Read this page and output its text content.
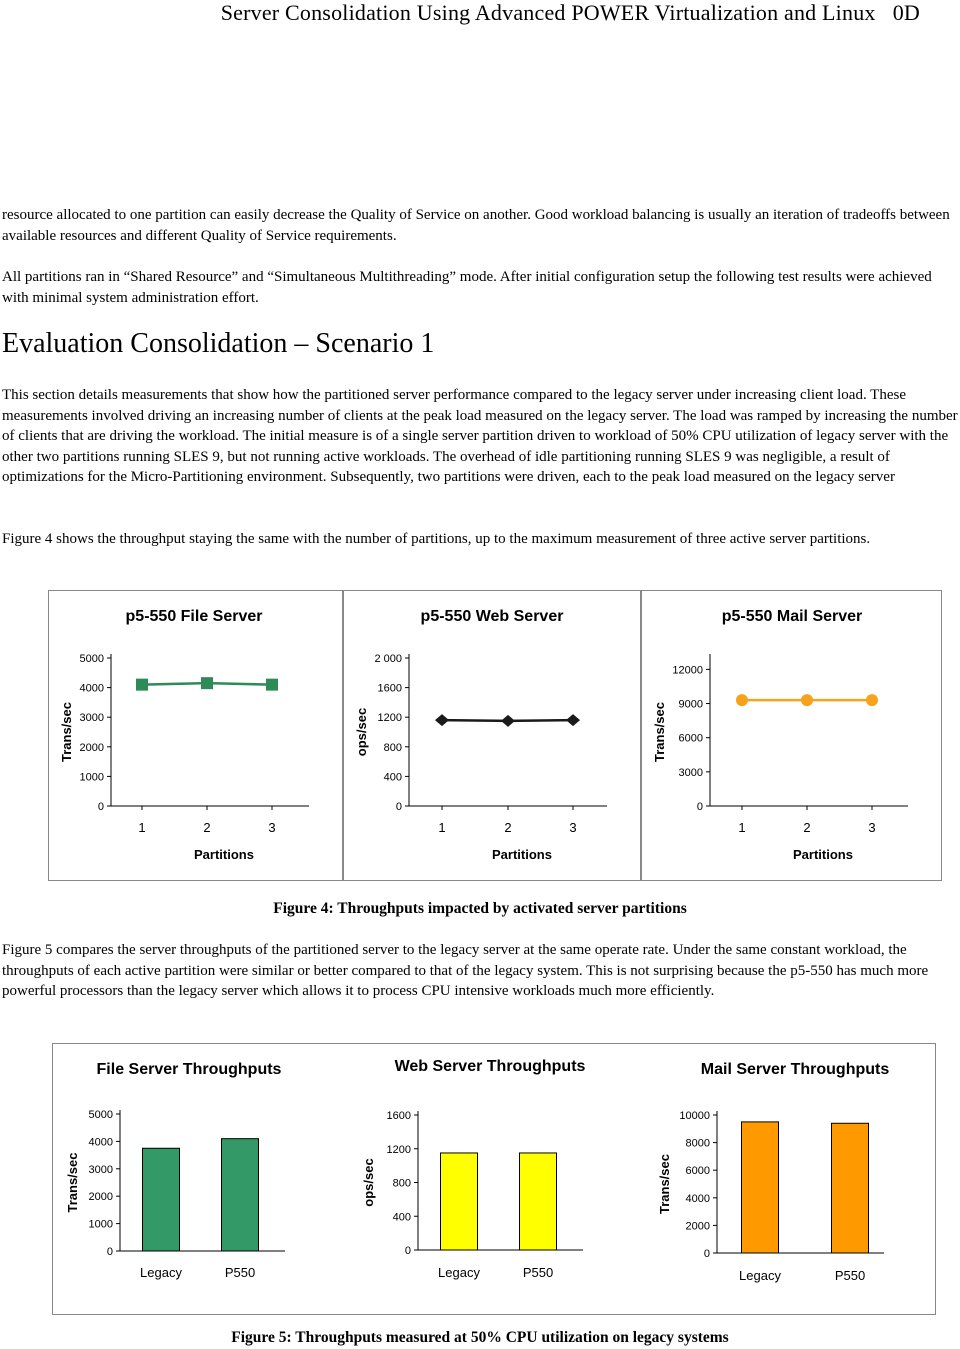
Server Consolidation Using Advanced POWER Virtualization and Linux 0D

resource allocated to one partition can easily decrease the Quality of Service on another. Good workload balancing is usually an iteration of tradeoffs between available resources and different Quality of Service requirements.

All partitions ran in “Shared Resource” and “Simultaneous Multithreading” mode. After initial configuration setup the following test results were achieved with minimal system administration effort.

Evaluation Consolidation – Scenario 1

This section details measurements that show how the partitioned server performance compared to the legacy server under increasing client load. These measurements involved driving an increasing number of clients at the peak load measured on the legacy server. The load was ramped by increasing the number of clients that are driving the workload. The initial measure is of a single server partition driven to workload of 50% CPU utilization of legacy server with the other two partitions running SLES 9, but not running active workloads. The overhead of idle partitioning running SLES 9 was negligible, a result of optimizations for the Micro-Partitioning environment. Subsequently, two partitions were driven, each to the peak load measured on the legacy server

Figure 4 shows the throughput staying the same with the number of partitions, up to the maximum measurement of three active server partitions.

p5-550 File Server
0
1000
2000
3000
4000
5000
Trans/sec
1	2	3
Partitions
p5-550 Web Server
0
400
800
1200
1600
2 000
ops/sec
1	2	3
Partitions
p5-550 Mail Server
0
3000
6000
9000
12000
Trans/sec
1	2	3
Partitions
Figure 4: Throughputs impacted by activated server partitions

Figure 5 compares the server throughputs of the partitioned server to the legacy server at the same operate rate. Under the same constant workload, the throughputs of each active partition were similar or better compared to that of the legacy system. This is not surprising because the p5-550 has much more powerful processors than the legacy server which allows it to process CPU intensive workloads much more efficiently.

File Server Throughputs
0
1000
2000
3000
4000
5000
Trans/sec
Legacy	P550
Web Server Throughputs
0
400
800
1200
1600
ops/sec
Legacy	P550
Mail Server Throughputs
0
2000
4000
6000
8000
10000
Trans/sec
Legacy	P550
Figure 5: Throughputs measured at 50% CPU utilization on legacy systems
